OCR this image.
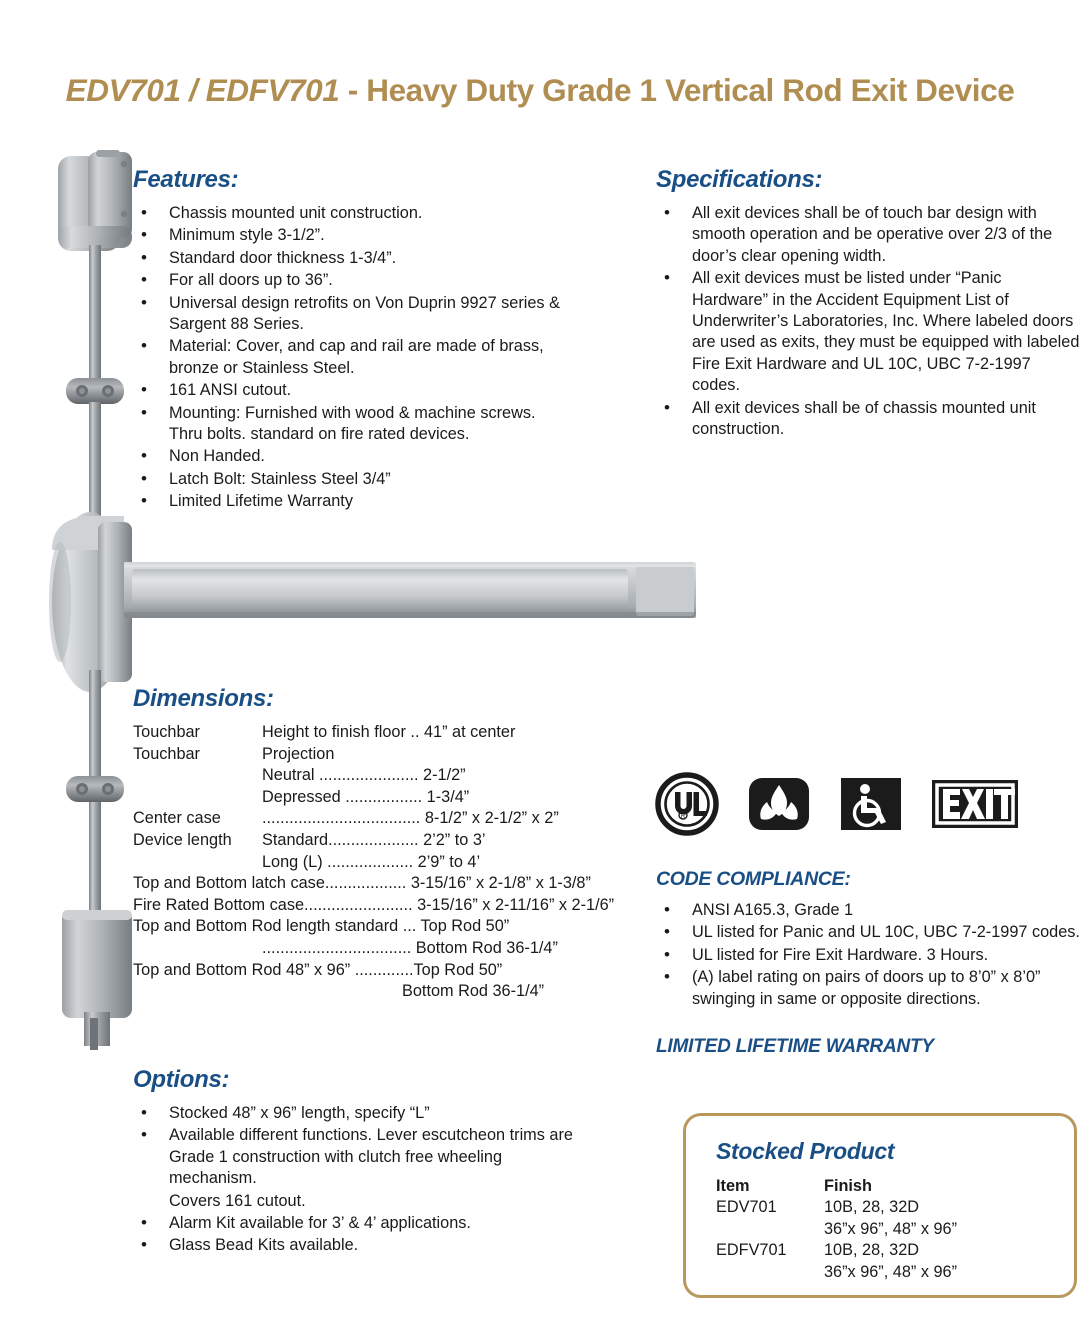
EDV701 / EDFV701 - Heavy Duty Grade 1 Vertical Rod Exit Device
Features:
• Chassis mounted unit construction.
• Minimum style 3-1/2”.
• Standard door thickness 1-3/4”.
• For all doors up to 36”.
• Universal design retrofits on Von Duprin 9927 series & Sargent 88 Series.
• Material: Cover, and cap and rail are made of brass, bronze or Stainless Steel.
• 161 ANSI cutout.
• Mounting: Furnished with wood & machine screws. Thru bolts. standard on fire rated devices.
• Non Handed.
• Latch Bolt: Stainless Steel 3/4”
• Limited Lifetime Warranty
Specifications:
• All exit devices shall be of touch bar design with smooth operation and be operative over 2/3 of the door’s clear opening width.
• All exit devices must be listed under “Panic Hardware” in the Accident Equipment List of Underwriter’s Laboratories, Inc. Where labeled doors are used as exits, they must be equipped with labeled Fire Exit Hardware and UL 10C, UBC 7-2-1997 codes.
• All exit devices shall be of chassis mounted unit construction.
Dimensions:
Touchbar	Height to finish floor .. 41” at center
Touchbar	Projection
	Neutral ...................... 2-1/2”
	Depressed ................. 1-3/4”
Center case	................................... 8-1/2” x 2-1/2” x 2”
Device length	Standard.................... 2’2” to 3’
	Long (L) ................... 2’9” to 4’
Top and Bottom latch case.................. 3-15/16” x 2-1/8” x 1-3/8”	
Fire Rated Bottom case........................ 3-15/16” x 2-11/16” x 2-1/6”	
Top and Bottom Rod length standard ... Top Rod 50”	
	................................. Bottom Rod 36-1/4”
Top and Bottom Rod 48” x 96” .............Top Rod 50”	
	Bottom Rod 36-1/4”
R
CODE COMPLIANCE:
• ANSI A165.3, Grade 1
• UL listed for Panic and UL 10C, UBC 7-2-1997 codes.
• UL listed for Fire Exit Hardware. 3 Hours.
• (A) label rating on pairs of doors up to 8’0” x 8’0” swinging in same or opposite directions.
LIMITED LIFETIME WARRANTY
Options:
• Stocked 48” x 96” length, specify “L”
• Available different functions. Lever escutcheon trims are Grade 1 construction with clutch free wheeling mechanism.
Covers 161 cutout.
• Alarm Kit available for 3’ & 4’ applications.
• Glass Bead Kits available.
Stocked Product
Item	Finish
EDV701	10B, 28, 32D
	36”x 96”, 48” x 96”
EDFV701	10B, 28, 32D
	36”x 96”, 48” x 96”
